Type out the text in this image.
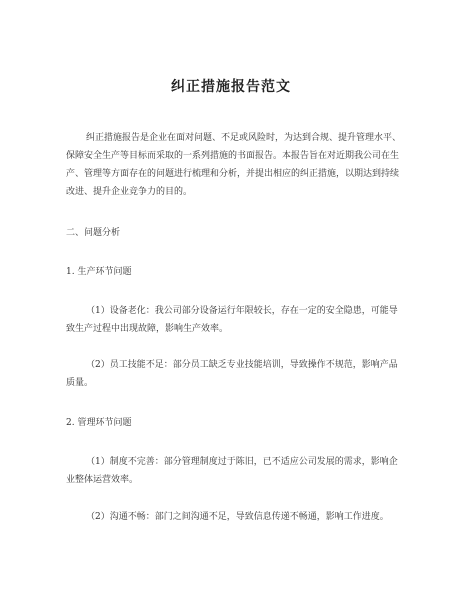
纠正措施报告范文
纠正措施报告是企业在面对问题、不足或风险时，为达到合规、提升管理水平、保障安全生产等目标而采取的一系列措施的书面报告。本报告旨在对近期我公司在生产、管理等方面存在的问题进行梳理和分析，并提出相应的纠正措施，以期达到持续改进、提升企业竞争力的目的。
二、问题分析
1. 生产环节问题
（1）设备老化：我公司部分设备运行年限较长，存在一定的安全隐患，可能导致生产过程中出现故障，影响生产效率。
（2）员工技能不足：部分员工缺乏专业技能培训，导致操作不规范，影响产品质量。
2. 管理环节问题
（1）制度不完善：部分管理制度过于陈旧，已不适应公司发展的需求，影响企业整体运营效率。
（2）沟通不畅：部门之间沟通不足，导致信息传递不畅通，影响工作进度。
